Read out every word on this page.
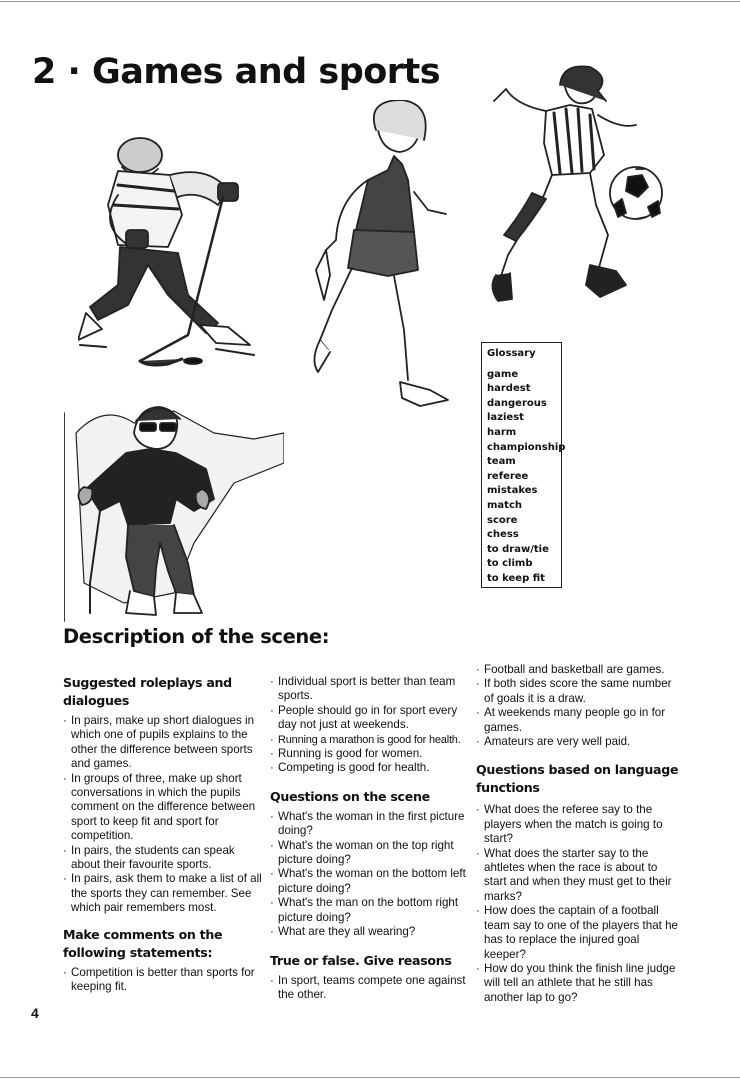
2 · Games and sports
Glossary
game
hardest
dangerous
laziest
harm
championship
team
referee
mistakes
match
score
chess
to draw/tie
to climb
to keep fit
Description of the scene:
Suggested roleplays and dialogues
· In pairs, make up short dialogues in which one of pupils explains to the other the difference between sports and games.
· In groups of three, make up short conversations in which the pupils comment on the difference between sport to keep fit and sport for competition.
· In pairs, the students can speak about their favourite sports.
· In pairs, ask them to make a list of all the sports they can remember. See which pair remembers most.
Make comments on the following statements:
· Competition is better than sports for keeping fit.
· Individual sport is better than team sports.
· People should go in for sport every day not just at weekends.
· Running a marathon is good for health.
· Running is good for women.
· Competing is good for health.
Questions on the scene
· What's the woman in the first picture doing?
· What's the woman on the top right picture doing?
· What's the woman on the bottom left picture doing?
· What's the man on the bottom right picture doing?
· What are they all wearing?
True or false. Give reasons
· In sport, teams compete one against the other.
· Football and basketball are games.
· If both sides score the same number of goals it is a draw.
· At weekends many people go in for games.
· Amateurs are very well paid.
Questions based on language functions
· What does the referee say to the players when the match is going to start?
· What does the starter say to the ahtletes when the race is about to start and when they must get to their marks?
· How does the captain of a football team say to one of the players that he has to replace the injured goal keeper?
· How do you think the finish line judge will tell an athlete that he still has another lap to go?
4
